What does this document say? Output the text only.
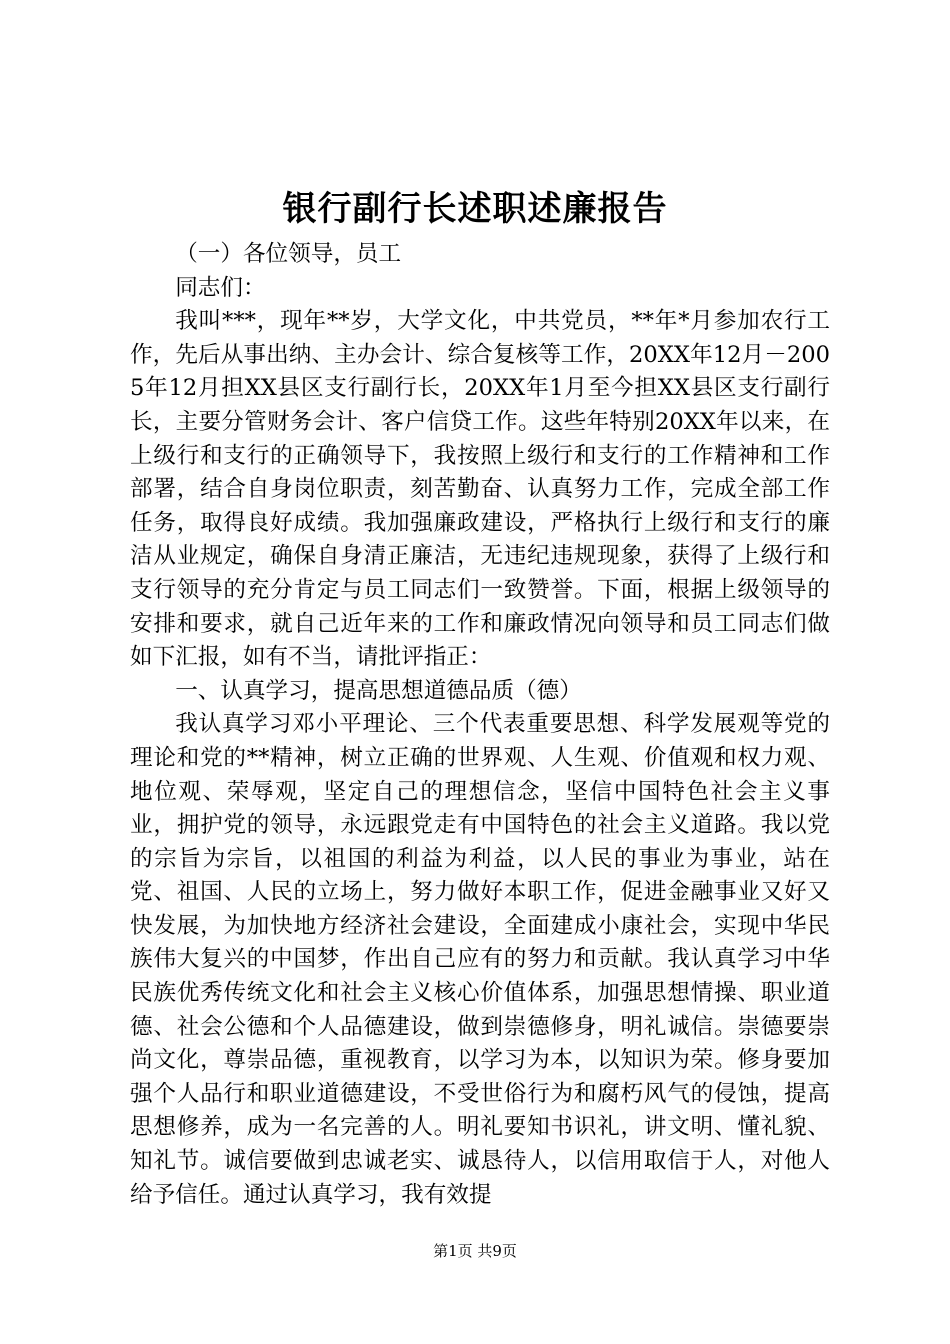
银行副行长述职述廉报告

（一）各位领导，员工

同志们：

我叫***，现年**岁，大学文化，中共党员，**年*月参加农行工作，先后从事出纳、主办会计、综合复核等工作，20XX年12月－2005年12月担XX县区支行副行长，20XX年1月至今担XX县区支行副行长，主要分管财务会计、客户信贷工作。这些年特别20XX年以来，在上级行和支行的正确领导下，我按照上级行和支行的工作精神和工作部署，结合自身岗位职责，刻苦勤奋、认真努力工作，完成全部工作任务，取得良好成绩。我加强廉政建设，严格执行上级行和支行的廉洁从业规定，确保自身清正廉洁，无违纪违规现象，获得了上级行和支行领导的充分肯定与员工同志们一致赞誉。下面，根据上级领导的安排和要求，就自己近年来的工作和廉政情况向领导和员工同志们做如下汇报，如有不当，请批评指正：

一、认真学习，提高思想道德品质（德）

我认真学习邓小平理论、三个代表重要思想、科学发展观等党的理论和党的**精神，树立正确的世界观、人生观、价值观和权力观、地位观、荣辱观，坚定自己的理想信念，坚信中国特色社会主义事业，拥护党的领导，永远跟党走有中国特色的社会主义道路。我以党的宗旨为宗旨，以祖国的利益为利益，以人民的事业为事业，站在党、祖国、人民的立场上，努力做好本职工作，促进金融事业又好又快发展，为加快地方经济社会建设，全面建成小康社会，实现中华民族伟大复兴的中国梦，作出自己应有的努力和贡献。我认真学习中华民族优秀传统文化和社会主义核心价值体系，加强思想情操、职业道德、社会公德和个人品德建设，做到崇德修身，明礼诚信。崇德要崇尚文化，尊崇品德，重视教育，以学习为本，以知识为荣。修身要加强个人品行和职业道德建设，不受世俗行为和腐朽风气的侵蚀，提高思想修养，成为一名完善的人。明礼要知书识礼，讲文明、懂礼貌、知礼节。诚信要做到忠诚老实、诚恳待人，以信用取信于人，对他人给予信任。通过认真学习，我有效提

第1页 共9页
